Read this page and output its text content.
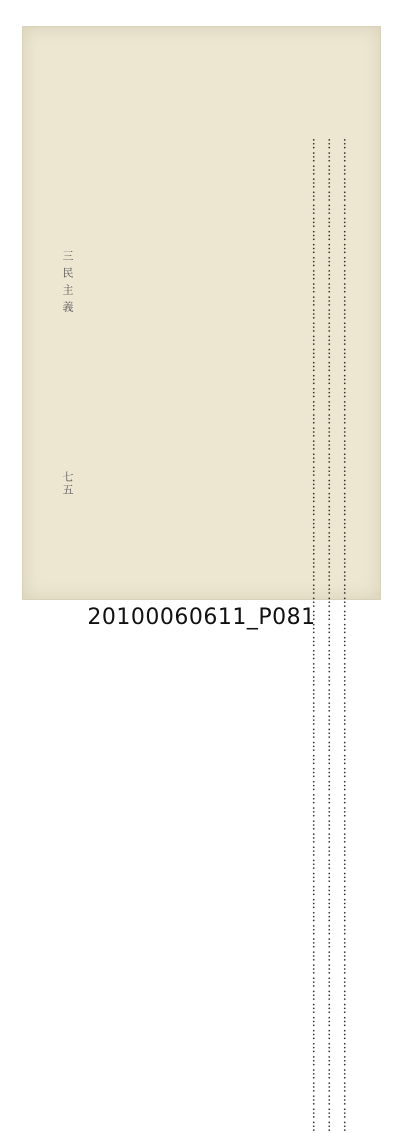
三民主義
七五	…………………………………………………………………………………………………………………………………………………………………………………………………………

…………………………………………………………………………………………………………………………………………………………………………………………………………

…………………………………………………………………………………………………………………………………………………………………………………………………………

20100060611_P081
